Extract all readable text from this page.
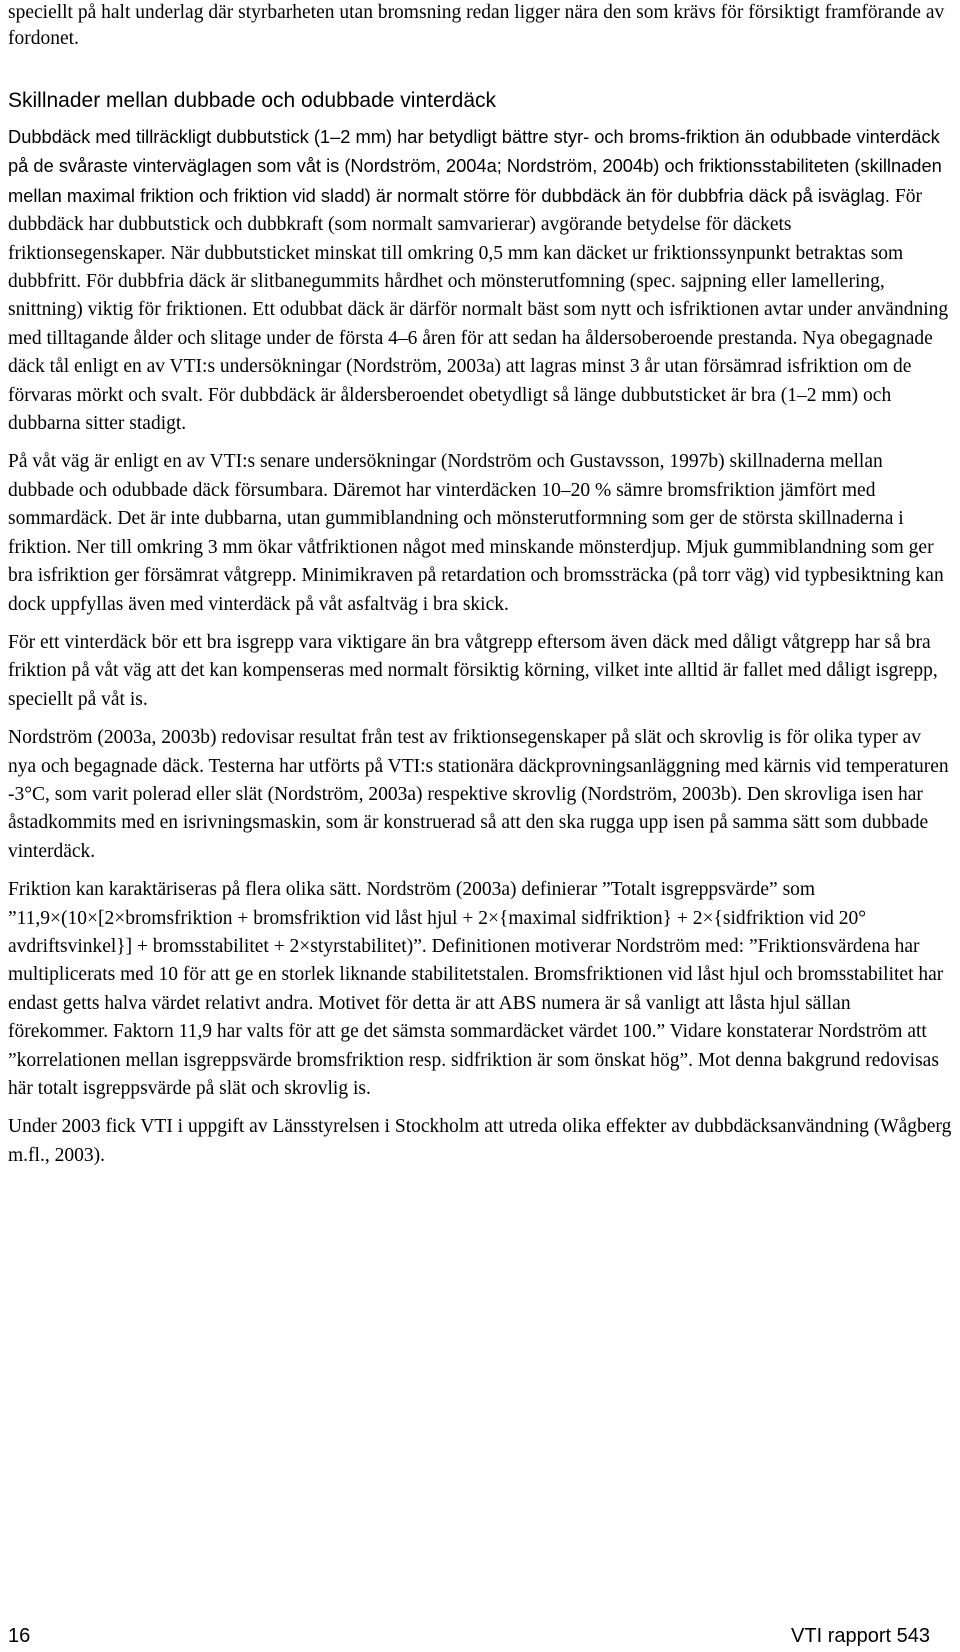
speciellt på halt underlag där styrbarheten utan bromsning redan ligger nära den som krävs för försiktigt framförande av fordonet.

Skillnader mellan dubbade och odubbade vinterdäck

Dubbdäck med tillräckligt dubbutstick (1–2 mm) har betydligt bättre styr- och broms-friktion än odubbade vinterdäck på de svåraste vinterväglagen som våt is (Nordström, 2004a; Nordström, 2004b) och friktionsstabiliteten (skillnaden mellan maximal friktion och friktion vid sladd) är normalt större för dubbdäck än för dubbfria däck på isväglag. För dubbdäck har dubbutstick och dubbkraft (som normalt samvarierar) avgörande betydelse för däckets friktionsegenskaper. När dubbutsticket minskat till omkring 0,5 mm kan däcket ur friktionssynpunkt betraktas som dubbfritt. För dubbfria däck är slitbanegummits hårdhet och mönsterutfomning (spec. sajpning eller lamellering, snittning) viktig för friktionen. Ett odubbat däck är därför normalt bäst som nytt och isfriktionen avtar under användning med tilltagande ålder och slitage under de första 4–6 åren för att sedan ha åldersoberoende prestanda. Nya obegagnade däck tål enligt en av VTI:s undersökningar (Nordström, 2003a) att lagras minst 3 år utan försämrad isfriktion om de förvaras mörkt och svalt. För dubbdäck är åldersberoendet obetydligt så länge dubbutsticket är bra (1–2 mm) och dubbarna sitter stadigt.

På våt väg är enligt en av VTI:s senare undersökningar (Nordström och Gustavsson, 1997b) skillnaderna mellan dubbade och odubbade däck försumbara. Däremot har vinterdäcken 10–20 % sämre bromsfriktion jämfört med sommardäck. Det är inte dubbarna, utan gummiblandning och mönsterutformning som ger de största skillnaderna i friktion. Ner till omkring 3 mm ökar våtfriktionen något med minskande mönsterdjup. Mjuk gummiblandning som ger bra isfriktion ger försämrat våtgrepp. Minimikraven på retardation och bromssträcka (på torr väg) vid typbesiktning kan dock uppfyllas även med vinterdäck på våt asfaltväg i bra skick.

För ett vinterdäck bör ett bra isgrepp vara viktigare än bra våtgrepp eftersom även däck med dåligt våtgrepp har så bra friktion på våt väg att det kan kompenseras med normalt försiktig körning, vilket inte alltid är fallet med dåligt isgrepp, speciellt på våt is.

Nordström (2003a, 2003b) redovisar resultat från test av friktionsegenskaper på slät och skrovlig is för olika typer av nya och begagnade däck. Testerna har utförts på VTI:s stationära däckprovningsanläggning med kärnis vid temperaturen -3°C, som varit polerad eller slät (Nordström, 2003a) respektive skrovlig (Nordström, 2003b). Den skrovliga isen har åstadkommits med en isrivningsmaskin, som är konstruerad så att den ska rugga upp isen på samma sätt som dubbade vinterdäck.

Friktion kan karaktäriseras på flera olika sätt. Nordström (2003a) definierar ”Totalt isgreppsvärde” som ”11,9×(10×[2×bromsfriktion + bromsfriktion vid låst hjul + 2×{maximal sidfriktion} + 2×{sidfriktion vid 20° avdriftsvinkel}] + bromsstabilitet + 2×styrstabilitet)”. Definitionen motiverar Nordström med: ”Friktionsvärdena har multiplicerats med 10 för att ge en storlek liknande stabilitetstalen. Bromsfriktionen vid låst hjul och bromsstabilitet har endast getts halva värdet relativt andra. Motivet för detta är att ABS numera är så vanligt att låsta hjul sällan förekommer. Faktorn 11,9 har valts för att ge det sämsta sommardäcket värdet 100.” Vidare konstaterar Nordström att ”korrelationen mellan isgreppsvärde bromsfriktion resp. sidfriktion är som önskat hög”. Mot denna bakgrund redovisas här totalt isgreppsvärde på slät och skrovlig is.

Under 2003 fick VTI i uppgift av Länsstyrelsen i Stockholm att utreda olika effekter av dubbdäcksanvändning (Wågberg m.fl., 2003).

16	VTI rapport 543
